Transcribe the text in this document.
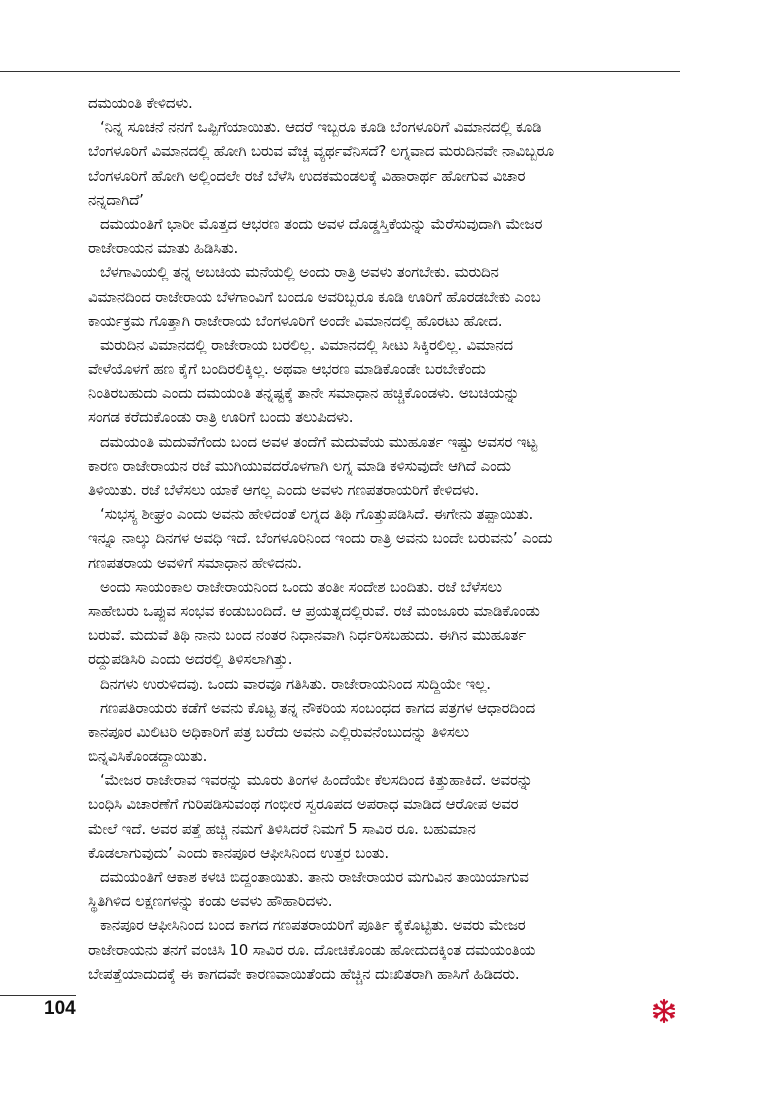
ದಮಯಂತಿ ಕೇಳಿದಳು.
‘ನಿನ್ನ ಸೂಚನೆ ನನಗೆ ಒಪ್ಪಿಗೆಯಾಯಿತು. ಆದರೆ ಇಬ್ಬರೂ ಕೂಡಿ ಬೆಂಗಳೂರಿಗೆ ವಿಮಾನದಲ್ಲಿ ಕೂಡಿ
ಬೆಂಗಳೂರಿಗೆ ವಿಮಾನದಲ್ಲಿ ಹೋಗಿ ಬರುವ ವೆಚ್ಚ ವ್ಯರ್ಥವೆನಿಸದೆ? ಲಗ್ನವಾದ ಮರುದಿನವೇ ನಾವಿಬ್ಬರೂ
ಬೆಂಗಳೂರಿಗೆ ಹೋಗಿ ಅಲ್ಲಿಂದಲೇ ರಜೆ ಬೆಳೆಸಿ ಉದಕಮಂಡಲಕ್ಕೆ ವಿಹಾರಾರ್ಥ ಹೋಗುವ ವಿಚಾರ
ನನ್ನದಾಗಿದೆ’
ದಮಯಂತಿಗೆ ಭಾರೀ ಮೊತ್ತದ ಆಭರಣ ತಂದು ಅವಳ ದೊಡ್ಡಸ್ತಿಕೆಯನ್ನು ಮೆರೆಸುವುದಾಗಿ ಮೇಜರ
ರಾಜೇರಾಯನ ಮಾತು ಹಿಡಿಸಿತು.
ಬೆಳಗಾವಿಯಲ್ಲಿ ತನ್ನ ಅಬಚಿಯ ಮನೆಯಲ್ಲಿ ಅಂದು ರಾತ್ರಿ ಅವಳು ತಂಗಬೇಕು. ಮರುದಿನ
ವಿಮಾನದಿಂದ ರಾಜೇರಾಯ ಬೆಳಗಾಂವಿಗೆ ಬಂದೂ ಅವರಿಬ್ಬರೂ ಕೂಡಿ ಊರಿಗೆ ಹೊರಡಬೇಕು ಎಂಬ
ಕಾರ್ಯಕ್ರಮ ಗೊತ್ತಾಗಿ ರಾಜೇರಾಯ ಬೆಂಗಳೂರಿಗೆ ಅಂದೇ ವಿಮಾನದಲ್ಲಿ ಹೊರಟು ಹೋದ.
ಮರುದಿನ ವಿಮಾನದಲ್ಲಿ ರಾಜೇರಾಯ ಬರಲಿಲ್ಲ. ವಿಮಾನದಲ್ಲಿ ಸೀಟು ಸಿಕ್ಕಿರಲಿಲ್ಲ. ವಿಮಾನದ
ವೇಳೆಯೊಳಗೆ ಹಣ ಕೈಗೆ ಬಂದಿರಲಿಕ್ಕಿಲ್ಲ. ಅಥವಾ ಆಭರಣ ಮಾಡಿಕೊಂಡೇ ಬರಬೇಕೆಂದು
ನಿಂತಿರಬಹುದು ಎಂದು ದಮಯಂತಿ ತನ್ನಷ್ಟಕ್ಕೆ ತಾನೇ ಸಮಾಧಾನ ಹಚ್ಚಿಕೊಂಡಳು. ಅಬಚಿಯನ್ನು
ಸಂಗಡ ಕರೆದುಕೊಂಡು ರಾತ್ರಿ ಊರಿಗೆ ಬಂದು ತಲುಪಿದಳು.
ದಮಯಂತಿ ಮದುವೆಗೆಂದು ಬಂದ ಅವಳ ತಂದೆಗೆ ಮದುವೆಯ ಮುಹೂರ್ತ ಇಷ್ಟು ಅವಸರ ಇಟ್ಟ
ಕಾರಣ ರಾಜೇರಾಯನ ರಜೆ ಮುಗಿಯುವದರೊಳಗಾಗಿ ಲಗ್ನ ಮಾಡಿ ಕಳಿಸುವುದೇ ಆಗಿದೆ ಎಂದು
ತಿಳಿಯಿತು. ರಜೆ ಬೆಳೆಸಲು ಯಾಕೆ ಆಗಲ್ಲ ಎಂದು ಅವಳು ಗಣಪತರಾಯರಿಗೆ ಕೇಳಿದಳು.
‘ಸುಭಸ್ಯ ಶೀಘ್ರಂ ಎಂದು ಅವನು ಹೇಳಿದಂತೆ ಲಗ್ನದ ತಿಥಿ ಗೊತ್ತುಪಡಿಸಿದೆ. ಈಗೇನು ತಪ್ಪಾಯಿತು.
ಇನ್ನೂ ನಾಲ್ಕು ದಿನಗಳ ಅವಧಿ ಇದೆ. ಬೆಂಗಳೂರಿನಿಂದ ಇಂದು ರಾತ್ರಿ ಅವನು ಬಂದೇ ಬರುವನು’ ಎಂದು
ಗಣಪತರಾಯ ಅವಳಿಗೆ ಸಮಾಧಾನ ಹೇಳಿದನು.
ಅಂದು ಸಾಯಂಕಾಲ ರಾಜೇರಾಯನಿಂದ ಒಂದು ತಂತೀ ಸಂದೇಶ ಬಂದಿತು. ರಜೆ ಬೆಳೆಸಲು
ಸಾಹೇಬರು ಒಪ್ಪುವ ಸಂಭವ ಕಂಡುಬಂದಿದೆ. ಆ ಪ್ರಯತ್ನದಲ್ಲಿರುವೆ. ರಜೆ ಮಂಜೂರು ಮಾಡಿಕೊಂಡು
ಬರುವೆ. ಮದುವೆ ತಿಥಿ ನಾನು ಬಂದ ನಂತರ ನಿಧಾನವಾಗಿ ನಿರ್ಧರಿಸಬಹುದು. ಈಗಿನ ಮುಹೂರ್ತ
ರದ್ದುಪಡಿಸಿರಿ ಎಂದು ಅದರಲ್ಲಿ ತಿಳಿಸಲಾಗಿತ್ತು.
ದಿನಗಳು ಉರುಳಿದವು. ಒಂದು ವಾರವೂ ಗತಿಸಿತು. ರಾಜೇರಾಯನಿಂದ ಸುದ್ದಿಯೇ ಇಲ್ಲ.
ಗಣಪತಿರಾಯರು ಕಡೆಗೆ ಅವನು ಕೊಟ್ಟ ತನ್ನ ನೌಕರಿಯ ಸಂಬಂಧದ ಕಾಗದ ಪತ್ರಗಳ ಆಧಾರದಿಂದ
ಕಾನಪೂರ ಮಿಲಿಟರಿ ಅಧಿಕಾರಿಗೆ ಪತ್ರ ಬರೆದು ಅವನು ಎಲ್ಲಿರುವನೆಂಬುದನ್ನು ತಿಳಿಸಲು
ಬಿನ್ನವಿಸಿಕೊಂಡದ್ದಾಯಿತು.
‘ಮೇಜರ ರಾಜೇರಾವ ಇವರನ್ನು ಮೂರು ತಿಂಗಳ ಹಿಂದೆಯೇ ಕೆಲಸದಿಂದ ಕಿತ್ತುಹಾಕಿದೆ. ಅವರನ್ನು
ಬಂಧಿಸಿ ವಿಚಾರಣೆಗೆ ಗುರಿಪಡಿಸುವಂಥ ಗಂಭೀರ ಸ್ವರೂಪದ ಅಪರಾಧ ಮಾಡಿದ ಆರೋಪ ಅವರ
ಮೇಲೆ ಇದೆ. ಅವರ ಪತ್ತೆ ಹಚ್ಚಿ ನಮಗೆ ತಿಳಿಸಿದರೆ ನಿಮಗೆ 5 ಸಾವಿರ ರೂ. ಬಹುಮಾನ
ಕೊಡಲಾಗುವುದು’ ಎಂದು ಕಾನಪೂರ ಆಫೀಸಿನಿಂದ ಉತ್ತರ ಬಂತು.
ದಮಯಂತಿಗೆ ಆಕಾಶ ಕಳಚಿ ಬಿದ್ದಂತಾಯಿತು. ತಾನು ರಾಜೇರಾಯರ ಮಗುವಿನ ತಾಯಿಯಾಗುವ
ಸ್ಥಿತಿಗಿಳಿದ ಲಕ್ಷಣಗಳನ್ನು ಕಂಡು ಅವಳು ಹೌಹಾರಿದಳು.
ಕಾನಪೂರ ಆಫೀಸಿನಿಂದ ಬಂದ ಕಾಗದ ಗಣಪತರಾಯರಿಗೆ ಪೂರ್ತಿ ಕೈಕೊಟ್ಟಿತು. ಅವರು ಮೇಜರ
ರಾಜೇರಾಯನು ತನಗೆ ವಂಚಿಸಿ 10 ಸಾವಿರ ರೂ. ದೋಚಿಕೊಂಡು ಹೋದುದಕ್ಕಿಂತ ದಮಯಂತಿಯ
ಬೇಪತ್ತೆಯಾದುದಕ್ಕೆ ಈ ಕಾಗದವೇ ಕಾರಣವಾಯಿತೆಂದು ಹೆಚ್ಚಿನ ದುಃಖಿತರಾಗಿ ಹಾಸಿಗೆ ಹಿಡಿದರು.
104
